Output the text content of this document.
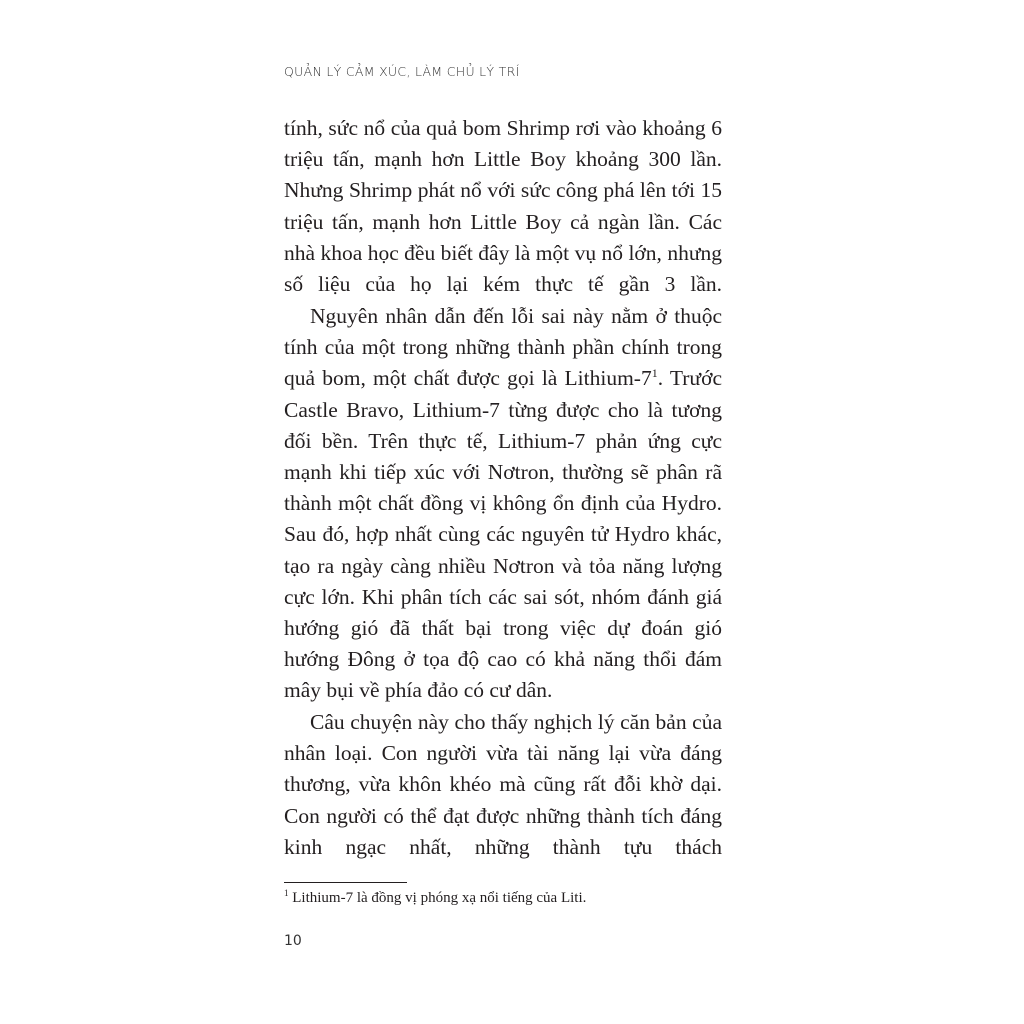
QUẢN LÝ CẢM XÚC, LÀM CHỦ LÝ TRÍ

tính, sức nổ của quả bom Shrimp rơi vào khoảng 6 triệu tấn, mạnh hơn Little Boy khoảng 300 lần. Nhưng Shrimp phát nổ với sức công phá lên tới 15 triệu tấn, mạnh hơn Little Boy cả ngàn lần. Các nhà khoa học đều biết đây là một vụ nổ lớn, nhưng số liệu của họ lại kém thực tế gần 3 lần.

Nguyên nhân dẫn đến lỗi sai này nằm ở thuộc tính của một trong những thành phần chính trong quả bom, một chất được gọi là Lithium-$7^1$. Trước Castle Bravo, Lithium-7 từng được cho là tương đối bền. Trên thực tế, Lithium-7 phản ứng cực mạnh khi tiếp xúc với Nơtron, thường sẽ phân rã thành một chất đồng vị không ổn định của Hydro. Sau đó, hợp nhất cùng các nguyên tử Hydro khác, tạo ra ngày càng nhiều Nơtron và tỏa năng lượng cực lớn. Khi phân tích các sai sót, nhóm đánh giá hướng gió đã thất bại trong việc dự đoán gió hướng Đông ở tọa độ cao có khả năng thổi đám mây bụi về phía đảo có cư dân.

Câu chuyện này cho thấy nghịch lý căn bản của nhân loại. Con người vừa tài năng lại vừa đáng thương, vừa khôn khéo mà cũng rất đỗi khờ dại. Con người có thể đạt được những thành tích đáng kinh ngạc nhất, những thành tựu thách

$^1$ Lithium-7 là đồng vị phóng xạ nổi tiếng của Liti.
10
